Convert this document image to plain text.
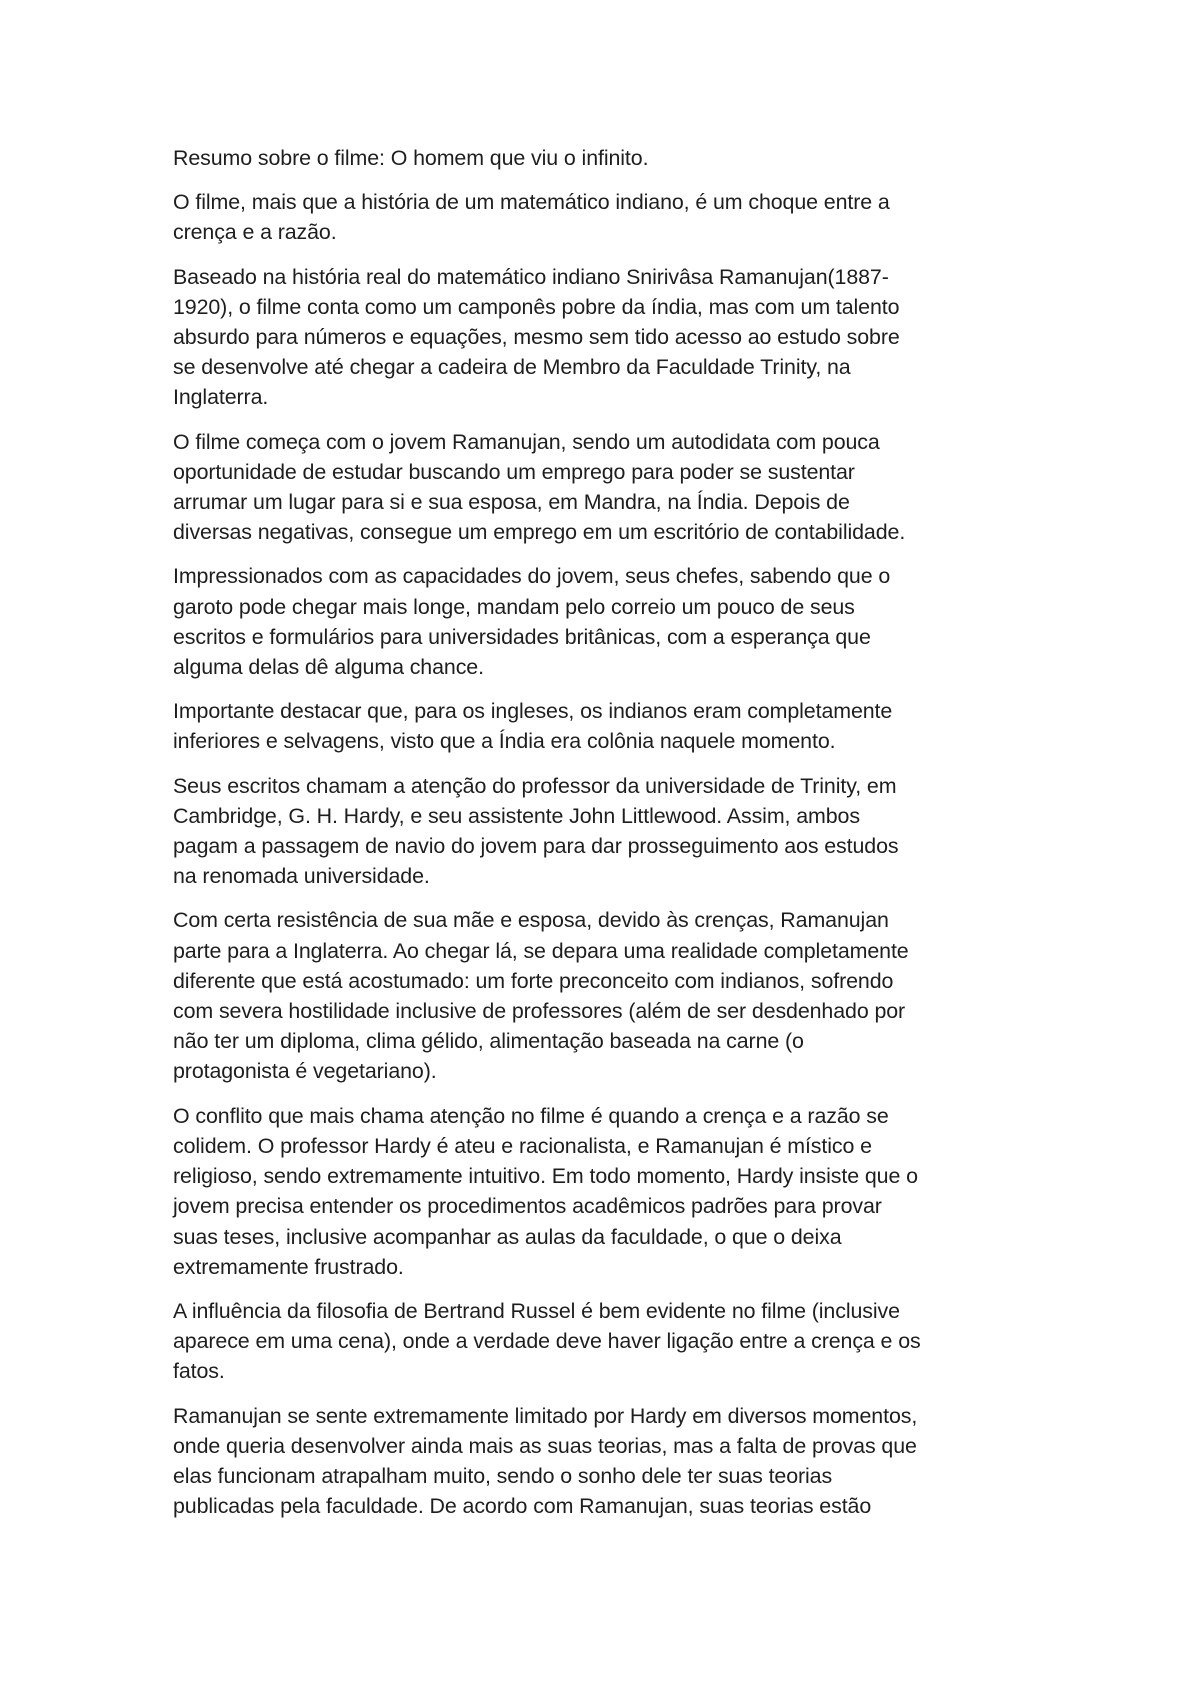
Resumo sobre o filme: O homem que viu o infinito.

O filme, mais que a história de um matemático indiano, é um choque entre a
crença e a razão.

Baseado na história real do matemático indiano Snirivâsa Ramanujan(1887-
1920), o filme conta como um camponês pobre da índia, mas com um talento
absurdo para números e equações, mesmo sem tido acesso ao estudo sobre
se desenvolve até chegar a cadeira de Membro da Faculdade Trinity, na
Inglaterra.

O filme começa com o jovem Ramanujan, sendo um autodidata com pouca
oportunidade de estudar buscando um emprego para poder se sustentar
arrumar um lugar para si e sua esposa, em Mandra, na Índia. Depois de
diversas negativas, consegue um emprego em um escritório de contabilidade.

Impressionados com as capacidades do jovem, seus chefes, sabendo que o
garoto pode chegar mais longe, mandam pelo correio um pouco de seus
escritos e formulários para universidades britânicas, com a esperança que
alguma delas dê alguma chance.

Importante destacar que, para os ingleses, os indianos eram completamente
inferiores e selvagens, visto que a Índia era colônia naquele momento.

Seus escritos chamam a atenção do professor da universidade de Trinity, em
Cambridge, G. H. Hardy, e seu assistente John Littlewood. Assim, ambos
pagam a passagem de navio do jovem para dar prosseguimento aos estudos
na renomada universidade.

Com certa resistência de sua mãe e esposa, devido às crenças, Ramanujan
parte para a Inglaterra. Ao chegar lá, se depara uma realidade completamente
diferente que está acostumado: um forte preconceito com indianos, sofrendo
com severa hostilidade inclusive de professores (além de ser desdenhado por
não ter um diploma, clima gélido, alimentação baseada na carne (o
protagonista é vegetariano).

O conflito que mais chama atenção no filme é quando a crença e a razão se
colidem. O professor Hardy é ateu e racionalista, e Ramanujan é místico e
religioso, sendo extremamente intuitivo. Em todo momento, Hardy insiste que o
jovem precisa entender os procedimentos acadêmicos padrões para provar
suas teses, inclusive acompanhar as aulas da faculdade, o que o deixa
extremamente frustrado.

A influência da filosofia de Bertrand Russel é bem evidente no filme (inclusive
aparece em uma cena), onde a verdade deve haver ligação entre a crença e os
fatos.

Ramanujan se sente extremamente limitado por Hardy em diversos momentos,
onde queria desenvolver ainda mais as suas teorias, mas a falta de provas que
elas funcionam atrapalham muito, sendo o sonho dele ter suas teorias
publicadas pela faculdade. De acordo com Ramanujan, suas teorias estão
